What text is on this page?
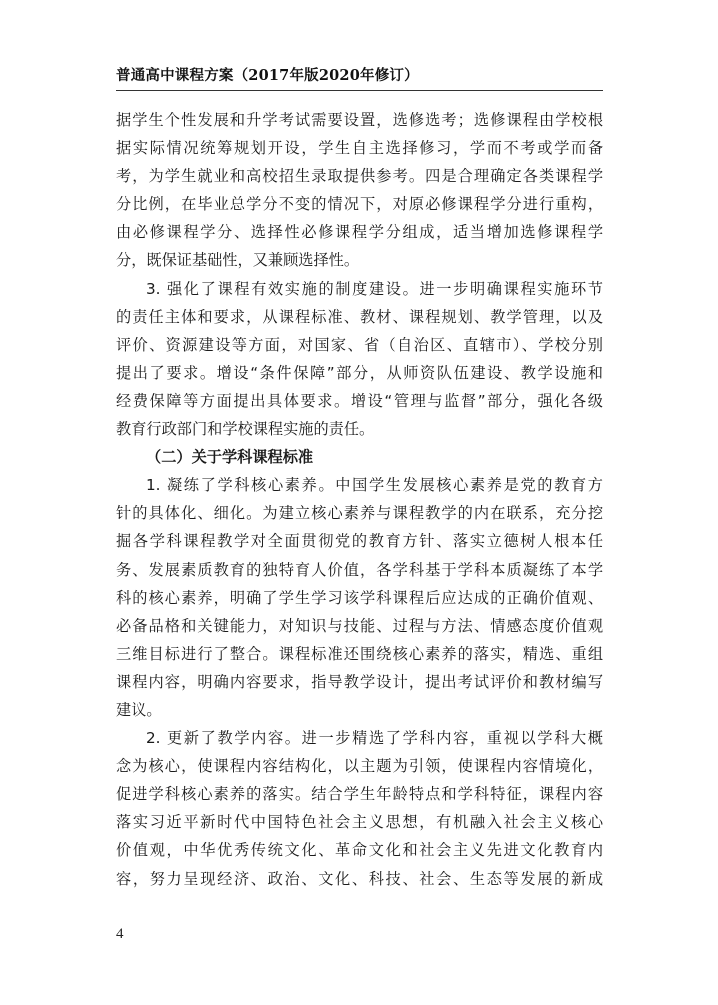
普通高中课程方案（2017年版2020年修订）
据学生个性发展和升学考试需要设置，选修选考；选修课程由学校根
据实际情况统筹规划开设，学生自主选择修习，学而不考或学而备
考，为学生就业和高校招生录取提供参考。四是合理确定各类课程学
分比例，在毕业总学分不变的情况下，对原必修课程学分进行重构，
由必修课程学分、选择性必修课程学分组成，适当增加选修课程学
分，既保证基础性，又兼顾选择性。
3. 强化了课程有效实施的制度建设。进一步明确课程实施环节
的责任主体和要求，从课程标准、教材、课程规划、教学管理，以及
评价、资源建设等方面，对国家、省（自治区、直辖市）、学校分别
提出了要求。增设“条件保障”部分，从师资队伍建设、教学设施和
经费保障等方面提出具体要求。增设“管理与监督”部分，强化各级
教育行政部门和学校课程实施的责任。
（二）关于学科课程标准
1. 凝练了学科核心素养。中国学生发展核心素养是党的教育方
针的具体化、细化。为建立核心素养与课程教学的内在联系，充分挖
掘各学科课程教学对全面贯彻党的教育方针、落实立德树人根本任
务、发展素质教育的独特育人价值，各学科基于学科本质凝练了本学
科的核心素养，明确了学生学习该学科课程后应达成的正确价值观、
必备品格和关键能力，对知识与技能、过程与方法、情感态度价值观
三维目标进行了整合。课程标准还围绕核心素养的落实，精选、重组
课程内容，明确内容要求，指导教学设计，提出考试评价和教材编写
建议。
2. 更新了教学内容。进一步精选了学科内容，重视以学科大概
念为核心，使课程内容结构化，以主题为引领，使课程内容情境化，
促进学科核心素养的落实。结合学生年龄特点和学科特征，课程内容
落实习近平新时代中国特色社会主义思想，有机融入社会主义核心
价值观，中华优秀传统文化、革命文化和社会主义先进文化教育内
容，努力呈现经济、政治、文化、科技、社会、生态等发展的新成
4
